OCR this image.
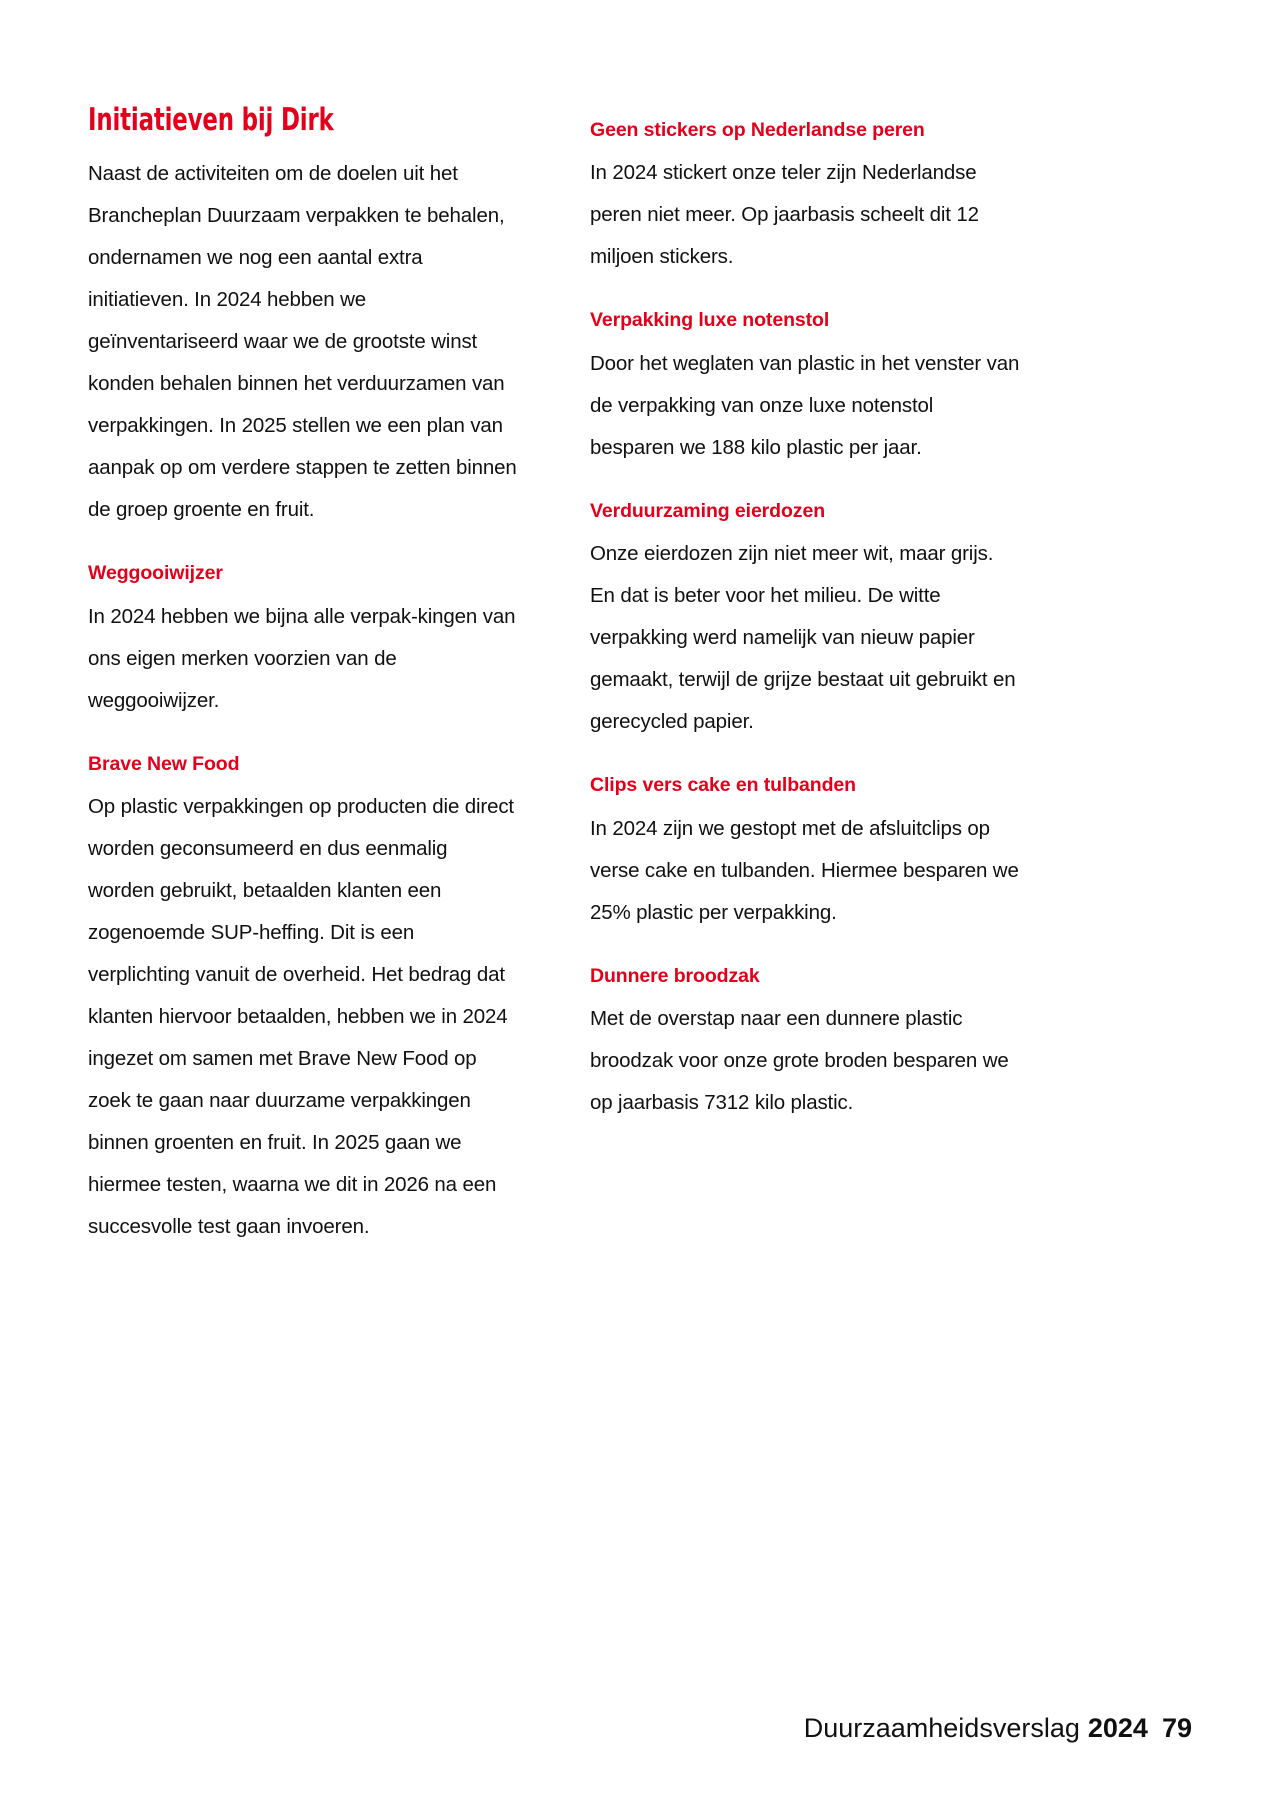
Initiatieven bij Dirk

Naast de activiteiten om de doelen uit het Brancheplan Duurzaam verpakken te behalen, ondernamen we nog een aantal extra initiatieven. In 2024 hebben we geïnventariseerd waar we de grootste winst konden behalen binnen het verduurzamen van verpakkingen. In 2025 stellen we een plan van aanpak op om verdere stappen te zetten binnen de groep groente en fruit.

Weggooiwijzer

In 2024 hebben we bijna alle verpak-kingen van ons eigen merken voorzien van de weggooiwijzer.

Brave New Food

Op plastic verpakkingen op producten die direct worden geconsumeerd en dus eenmalig worden gebruikt, betaalden klanten een zogenoemde SUP-heffing. Dit is een verplichting vanuit de overheid. Het bedrag dat klanten hiervoor betaalden, hebben we in 2024 ingezet om samen met Brave New Food op zoek te gaan naar duurzame verpakkingen binnen groenten en fruit. In 2025 gaan we hiermee testen, waarna we dit in 2026 na een succesvolle test gaan invoeren.

Geen stickers op Nederlandse peren

In 2024 stickert onze teler zijn Nederlandse peren niet meer. Op jaarbasis scheelt dit 12 miljoen stickers.

Verpakking luxe notenstol

Door het weglaten van plastic in het venster van de verpakking van onze luxe notenstol besparen we 188 kilo plastic per jaar.

Verduurzaming eierdozen

Onze eierdozen zijn niet meer wit, maar grijs. En dat is beter voor het milieu. De witte verpakking werd namelijk van nieuw papier gemaakt, terwijl de grijze bestaat uit gebruikt en gerecycled papier.

Clips vers cake en tulbanden

In 2024 zijn we gestopt met de afsluitclips op verse cake en tulbanden. Hiermee besparen we 25% plastic per verpakking.

Dunnere broodzak

Met de overstap naar een dunnere plastic broodzak voor onze grote broden besparen we op jaarbasis 7312 kilo plastic.

Duurzaamheidsverslag 2024 79
